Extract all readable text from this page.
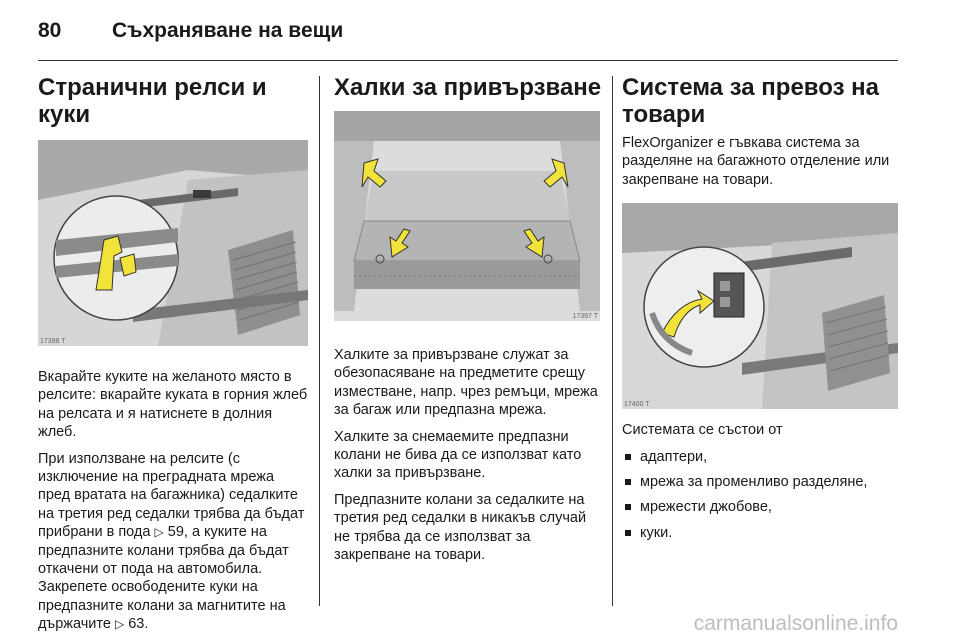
80	Съхраняване на вещи
Странични релси и куки
17398 T

Вкарайте куките на желаното място в релсите: вкарайте куката в горния жлеб на релсата и я натиснете в долния жлеб.

При използване на релсите (с изключение на преградната мрежа пред вратата на багажника) седалките на третия ред седалки трябва да бъдат прибрани в пода ▷ 59, а куките на предпазните колани трябва да бъдат откачени от пода на автомобила. Закрепете освободените куки на предпазните колани за магнитите на държачите ▷ 63.

Халки за привързване
17397 T

Халките за привързване служат за обезопасяване на предметите срещу изместване, напр. чрез ремъци, мрежа за багаж или предпазна мрежа.

Халките за снемаемите предпазни колани не бива да се използват като халки за привързване.

Предпазните колани за седалките на третия ред седалки в никакъв случай не трябва да се използват за закрепване на товари.

Система за превоз на товари

FlexOrganizer е гъвкава система за разделяне на багажното отделение или закрепване на товари.

17400 T

Системата се състои от

адаптери,
мрежа за променливо разделяне,
мрежести джобове,
куки.
carmanualsonline.info
